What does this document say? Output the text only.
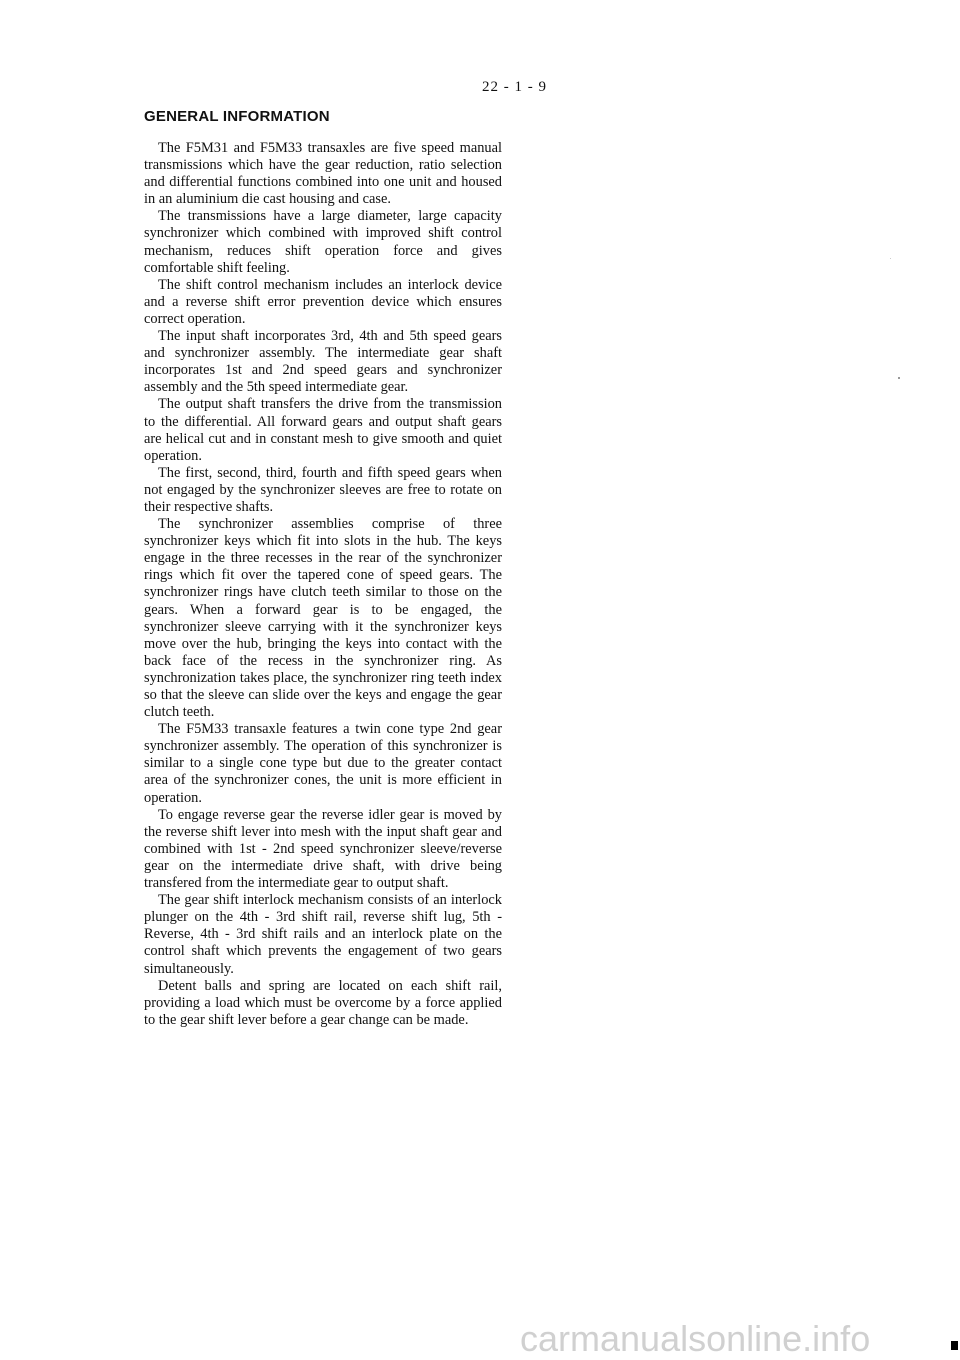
22 - 1 - 9
GENERAL INFORMATION

The F5M31 and F5M33 transaxles are five speed manual transmissions which have the gear reduction, ratio selection and differential functions combined into one unit and housed in an aluminium die cast housing and case.

The transmissions have a large diameter, large capacity synchronizer which combined with improved shift control mechanism, reduces shift operation force and gives comfortable shift feeling.

The shift control mechanism includes an interlock device and a reverse shift error prevention device which ensures correct operation.

The input shaft incorporates 3rd, 4th and 5th speed gears and synchronizer assembly. The intermediate gear shaft incorporates 1st and 2nd speed gears and synchronizer assembly and the 5th speed intermediate gear.

The output shaft transfers the drive from the transmission to the differential. All forward gears and output shaft gears are helical cut and in constant mesh to give smooth and quiet operation.

The first, second, third, fourth and fifth speed gears when not engaged by the synchronizer sleeves are free to rotate on their respective shafts.

The synchronizer assemblies comprise of three synchronizer keys which fit into slots in the hub. The keys engage in the three recesses in the rear of the synchronizer rings which fit over the tapered cone of speed gears. The synchronizer rings have clutch teeth similar to those on the gears. When a forward gear is to be engaged, the synchronizer sleeve carrying with it the synchronizer keys move over the hub, bringing the keys into contact with the back face of the recess in the synchronizer ring. As synchronization takes place, the synchronizer ring teeth index so that the sleeve can slide over the keys and engage the gear clutch teeth.

The F5M33 transaxle features a twin cone type 2nd gear synchronizer assembly. The operation of this synchronizer is similar to a single cone type but due to the greater contact area of the synchronizer cones, the unit is more efficient in operation.

To engage reverse gear the reverse idler gear is moved by the reverse shift lever into mesh with the input shaft gear and combined with 1st - 2nd speed synchronizer sleeve/reverse gear on the intermediate drive shaft, with drive being transfered from the intermediate gear to output shaft.

The gear shift interlock mechanism consists of an interlock plunger on the 4th - 3rd shift rail, reverse shift lug, 5th - Reverse, 4th - 3rd shift rails and an interlock plate on the control shaft which prevents the engagement of two gears simultaneously.

Detent balls and spring are located on each shift rail, providing a load which must be overcome by a force applied to the gear shift lever before a gear change can be made.

carmanualsonline.info
